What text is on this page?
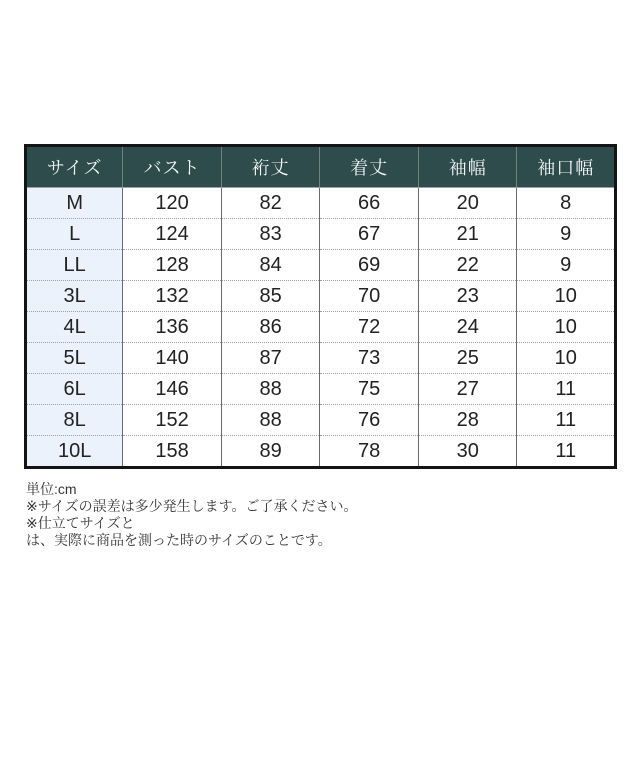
サイズ	バスト	裄丈	着丈	袖幅	袖口幅
M	120	82	66	20	8
L	124	83	67	21	9
LL	128	84	69	22	9
3L	132	85	70	23	10
4L	136	86	72	24	10
5L	140	87	73	25	10
6L	146	88	75	27	11
8L	152	88	76	28	11
10L	158	89	78	30	11
単位:cm
※サイズの誤差は多少発生します。ご了承ください。
※仕立てサイズと
は、実際に商品を測った時のサイズのことです。
